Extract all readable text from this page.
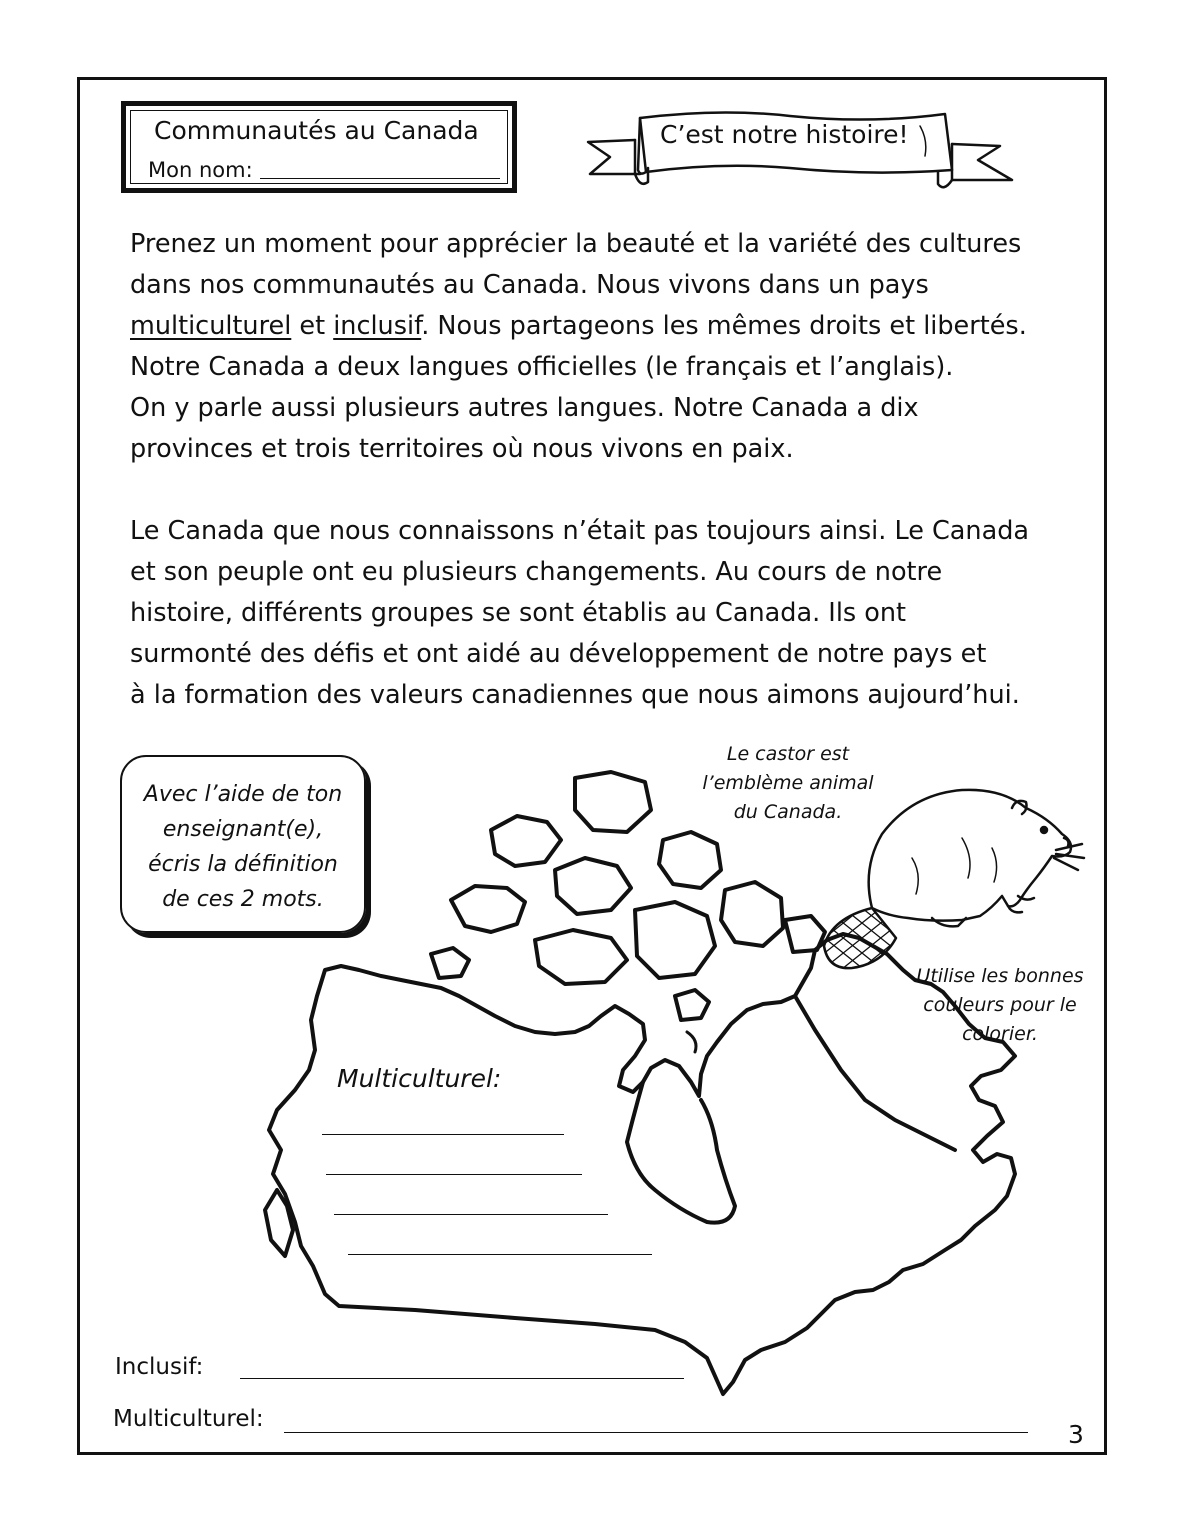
Communautés au Canada
Mon nom:
C’est notre histoire!

Prenez un moment pour apprécier la beauté et la variété des cultures

dans nos communautés au Canada. Nous vivons dans un pays

multiculturel et inclusif. Nous partageons les mêmes droits et libertés.

Notre Canada a deux langues officielles (le français et l’anglais).

On y parle aussi plusieurs autres langues. Notre Canada a dix

provinces et trois territoires où nous vivons en paix.

Le Canada que nous connaissons n’était pas toujours ainsi. Le Canada

et son peuple ont eu plusieurs changements. Au cours de notre

histoire, différents groupes se sont établis au Canada. Ils ont

surmonté des défis et ont aidé au développement de notre pays et

à la formation des valeurs canadiennes que nous aimons aujourd’hui.

Avec l’aide de ton
enseignant(e),
écris la définition
de ces 2 mots.
Multiculturel:
Le castor est
l’emblème animal
du Canada.
Utilise les bonnes
couleurs pour le
colorier.
Inclusif:
Multiculturel:
3
